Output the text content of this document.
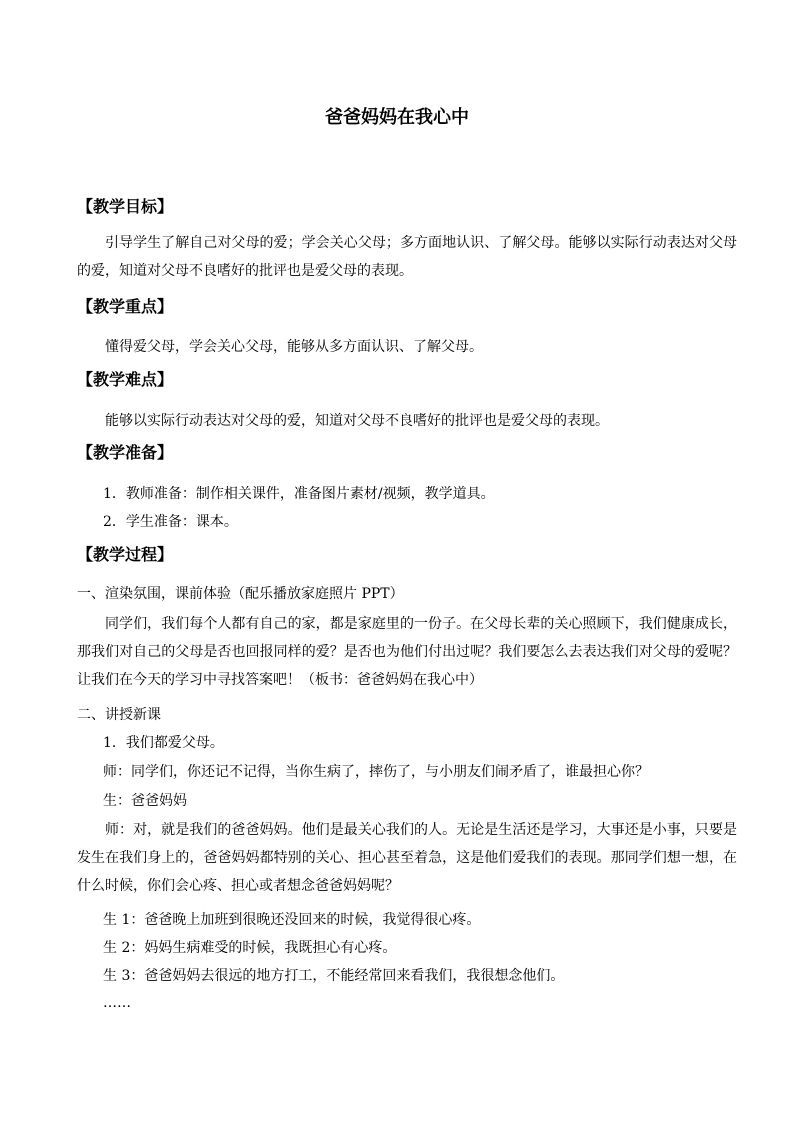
爸爸妈妈在我心中
【教学目标】
引导学生了解自己对父母的爱；学会关心父母；多方面地认识、了解父母。能够以实际行动表达对父母的爱，知道对父母不良嗜好的批评也是爱父母的表现。
【教学重点】
懂得爱父母，学会关心父母，能够从多方面认识、了解父母。
【教学难点】
能够以实际行动表达对父母的爱，知道对父母不良嗜好的批评也是爱父母的表现。
【教学准备】
1．教师准备：制作相关课件，准备图片素材/视频，教学道具。
2．学生准备：课本。
【教学过程】
一、渲染氛围，课前体验（配乐播放家庭照片 PPT）
同学们，我们每个人都有自己的家，都是家庭里的一份子。在父母长辈的关心照顾下，我们健康成长，那我们对自己的父母是否也回报同样的爱？是否也为他们付出过呢？我们要怎么去表达我们对父母的爱呢？让我们在今天的学习中寻找答案吧！（板书：爸爸妈妈在我心中）
二、讲授新课
1．我们都爱父母。
师：同学们，你还记不记得，当你生病了，摔伤了，与小朋友们闹矛盾了，谁最担心你？
生：爸爸妈妈
师：对，就是我们的爸爸妈妈。他们是最关心我们的人。无论是生活还是学习，大事还是小事，只要是发生在我们身上的，爸爸妈妈都特别的关心、担心甚至着急，这是他们爱我们的表现。那同学们想一想，在什么时候，你们会心疼、担心或者想念爸爸妈妈呢？
生 1：爸爸晚上加班到很晚还没回来的时候，我觉得很心疼。
生 2：妈妈生病难受的时候，我既担心有心疼。
生 3：爸爸妈妈去很远的地方打工，不能经常回来看我们，我很想念他们。
……
